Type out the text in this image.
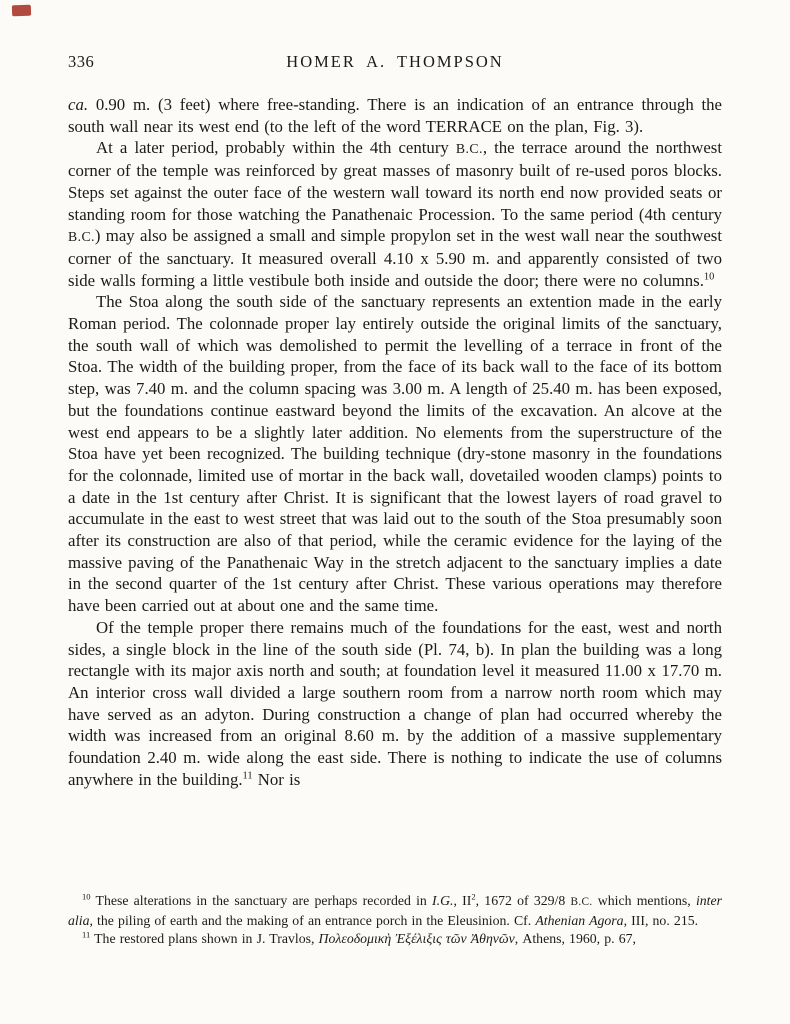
336	HOMER A. THOMPSON

ca. 0.90 m. (3 feet) where free-standing. There is an indication of an entrance through the south wall near its west end (to the left of the word TERRACE on the plan, Fig. 3).

At a later period, probably within the 4th century B.C., the terrace around the northwest corner of the temple was reinforced by great masses of masonry built of re-used poros blocks. Steps set against the outer face of the western wall toward its north end now provided seats or standing room for those watching the Panathenaic Procession. To the same period (4th century B.C.) may also be assigned a small and simple propylon set in the west wall near the southwest corner of the sanctuary. It measured overall 4.10 x 5.90 m. and apparently consisted of two side walls forming a little vestibule both inside and outside the door; there were no columns.$^{10}$

The Stoa along the south side of the sanctuary represents an extention made in the early Roman period. The colonnade proper lay entirely outside the original limits of the sanctuary, the south wall of which was demolished to permit the levelling of a terrace in front of the Stoa. The width of the building proper, from the face of its back wall to the face of its bottom step, was 7.40 m. and the column spacing was 3.00 m. A length of 25.40 m. has been exposed, but the foundations continue eastward beyond the limits of the excavation. An alcove at the west end appears to be a slightly later addition. No elements from the superstructure of the Stoa have yet been recognized. The building technique (dry-stone masonry in the foundations for the colonnade, limited use of mortar in the back wall, dovetailed wooden clamps) points to a date in the 1st century after Christ. It is significant that the lowest layers of road gravel to accumulate in the east to west street that was laid out to the south of the Stoa presumably soon after its construction are also of that period, while the ceramic evidence for the laying of the massive paving of the Panathenaic Way in the stretch adjacent to the sanctuary implies a date in the second quarter of the 1st century after Christ. These various operations may therefore have been carried out at about one and the same time.

Of the temple proper there remains much of the foundations for the east, west and north sides, a single block in the line of the south side (Pl. 74, b). In plan the building was a long rectangle with its major axis north and south; at foundation level it measured 11.00 x 17.70 m. An interior cross wall divided a large southern room from a narrow north room which may have served as an adyton. During construction a change of plan had occurred whereby the width was increased from an original 8.60 m. by the addition of a massive supplementary foundation 2.40 m. wide along the east side. There is nothing to indicate the use of columns anywhere in the building.$^{11}$ Nor is

$^{10}$ These alterations in the sanctuary are perhaps recorded in I.G., $II^2$, 1672 of 329/8 B.C. which mentions, inter alia, the piling of earth and the making of an entrance porch in the Eleusinion. Cf. Athenian Agora, III, no. 215.

$^{11}$ The restored plans shown in J. Travlos, Πολεοδομικὴ Ἐξέλιξις τῶν Ἀθηνῶν, Athens, 1960, p. 67,
